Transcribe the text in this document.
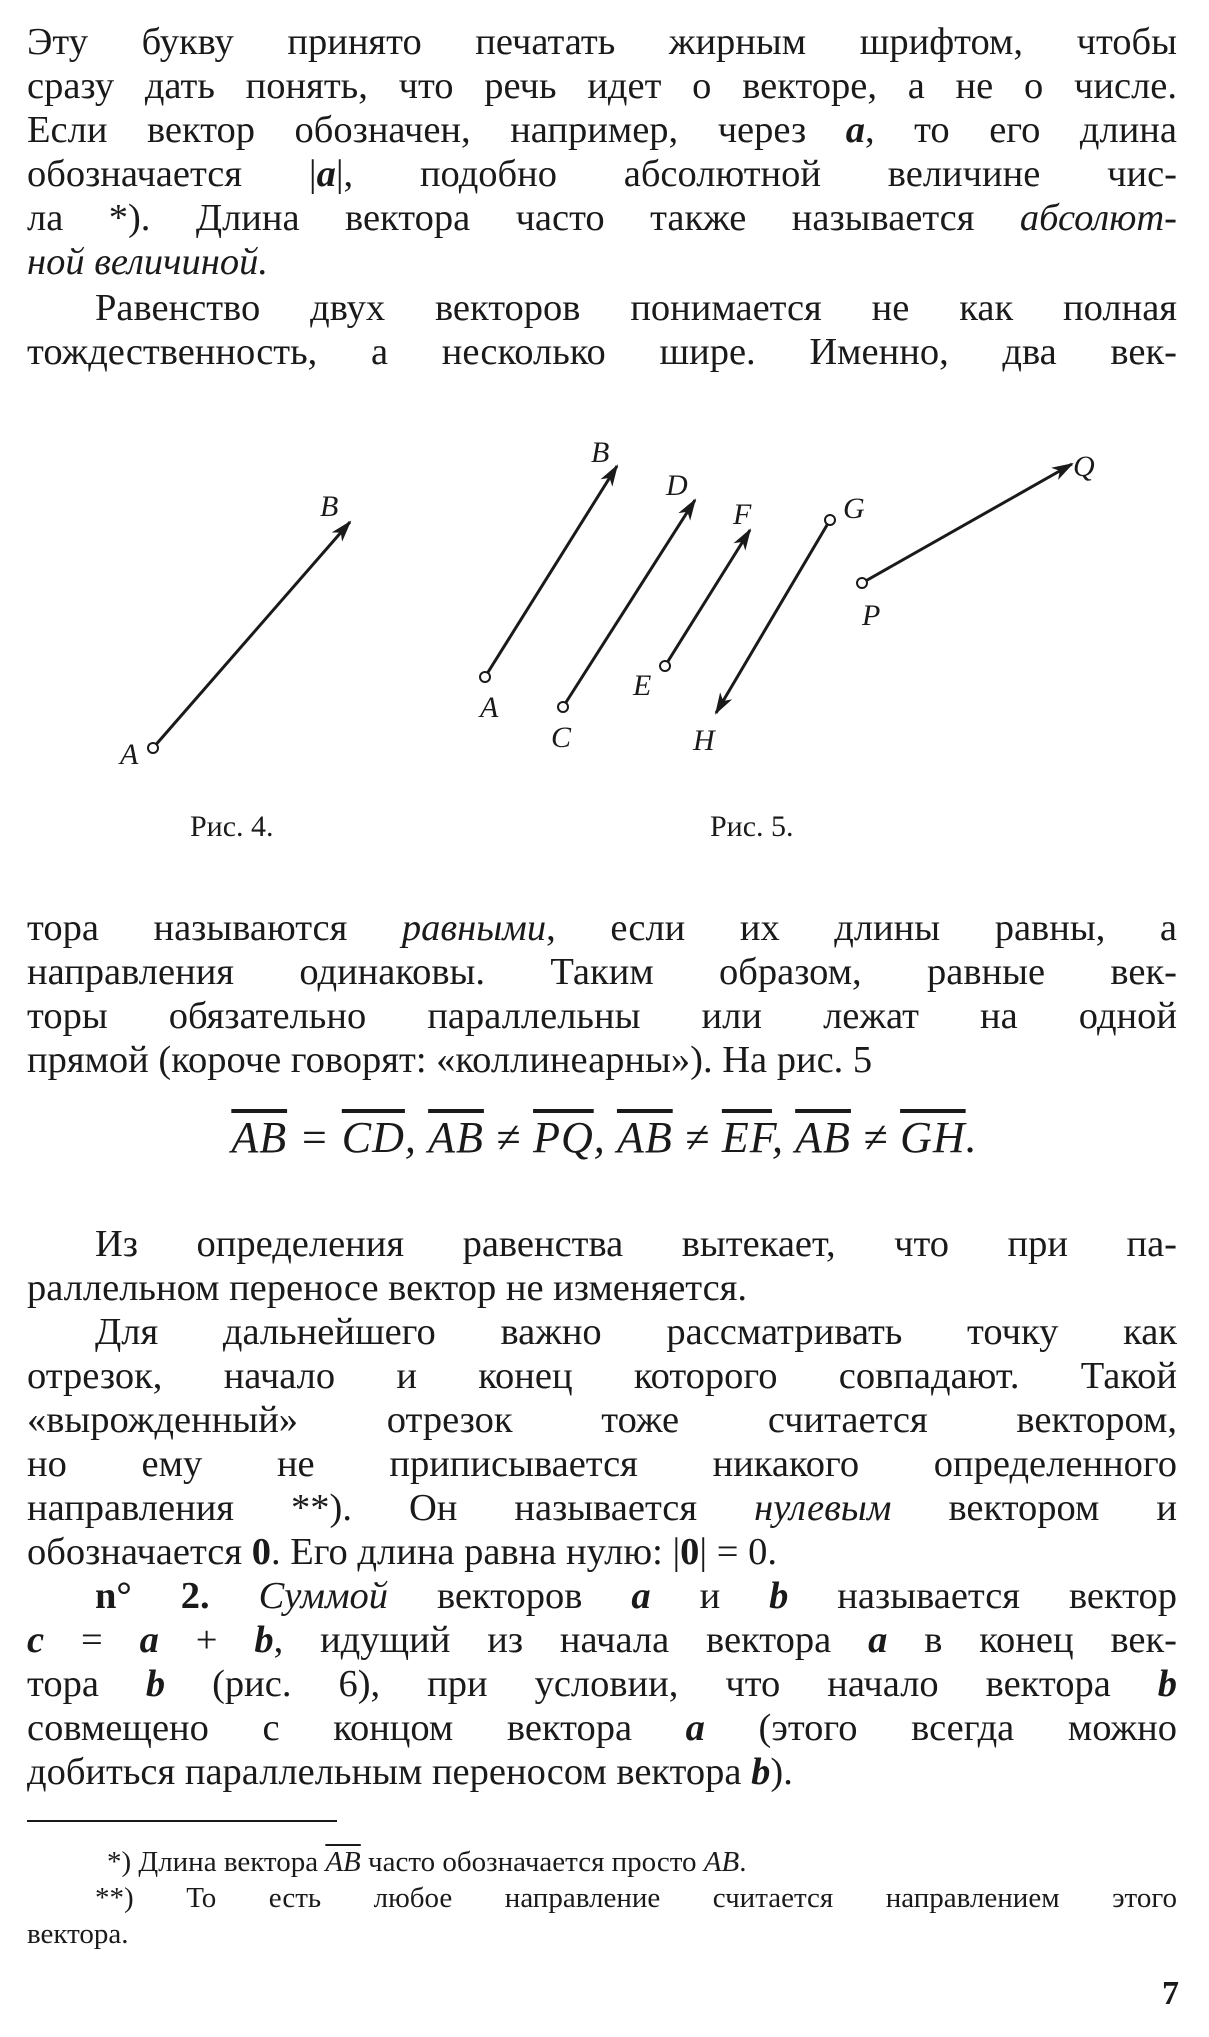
Эту букву принято печатать жирным шрифтом, чтобы
сразу дать понять, что речь идет о векторе, а не о числе.
Если вектор обозначен, например, через a, то его длина
обозначается |a|, подобно абсолютной величине чис-
ла *). Длина вектора часто также называется абсолют-
ной величиной.
Равенство двух векторов понимается не как полная
тождественность, а несколько шире. Именно, два век-
A
B
A
B
C
D
E
F	G
H
P
Q
Рис. 4.	Рис. 5.
тора называются равными, если их длины равны, а
направления одинаковы. Таким образом, равные век-
торы обязательно параллельны или лежат на одной
прямой (короче говорят: «коллинеарны»). На рис. 5
$\overline{AB} = \overline{CD}$, $\overline{AB} \ne \overline{PQ}$, $\overline{AB} \ne \overline{EF}$, $\overline{AB} \ne \overline{GH}$.
Из определения равенства вытекает, что при па-
раллельном переносе вектор не изменяется.
Для дальнейшего важно рассматривать точку как
отрезок, начало и конец которого совпадают. Такой
«вырожденный» отрезок тоже считается вектором,
но ему не приписывается никакого определенного
направления **). Он называется нулевым вектором и
обозначается 0. Его длина равна нулю: |0| = 0.
n° 2. Суммой векторов a и b называется вектор
c = a + b, идущий из начала вектора a в конец век-
тора b (рис. 6), при условии, что начало вектора b
совмещено с концом вектора a (этого всегда можно
добиться параллельным переносом вектора b).
*) Длина вектора $\overline{AB}$ часто обозначается просто AB.
**) То есть любое направление считается направлением этого
вектора.
7
